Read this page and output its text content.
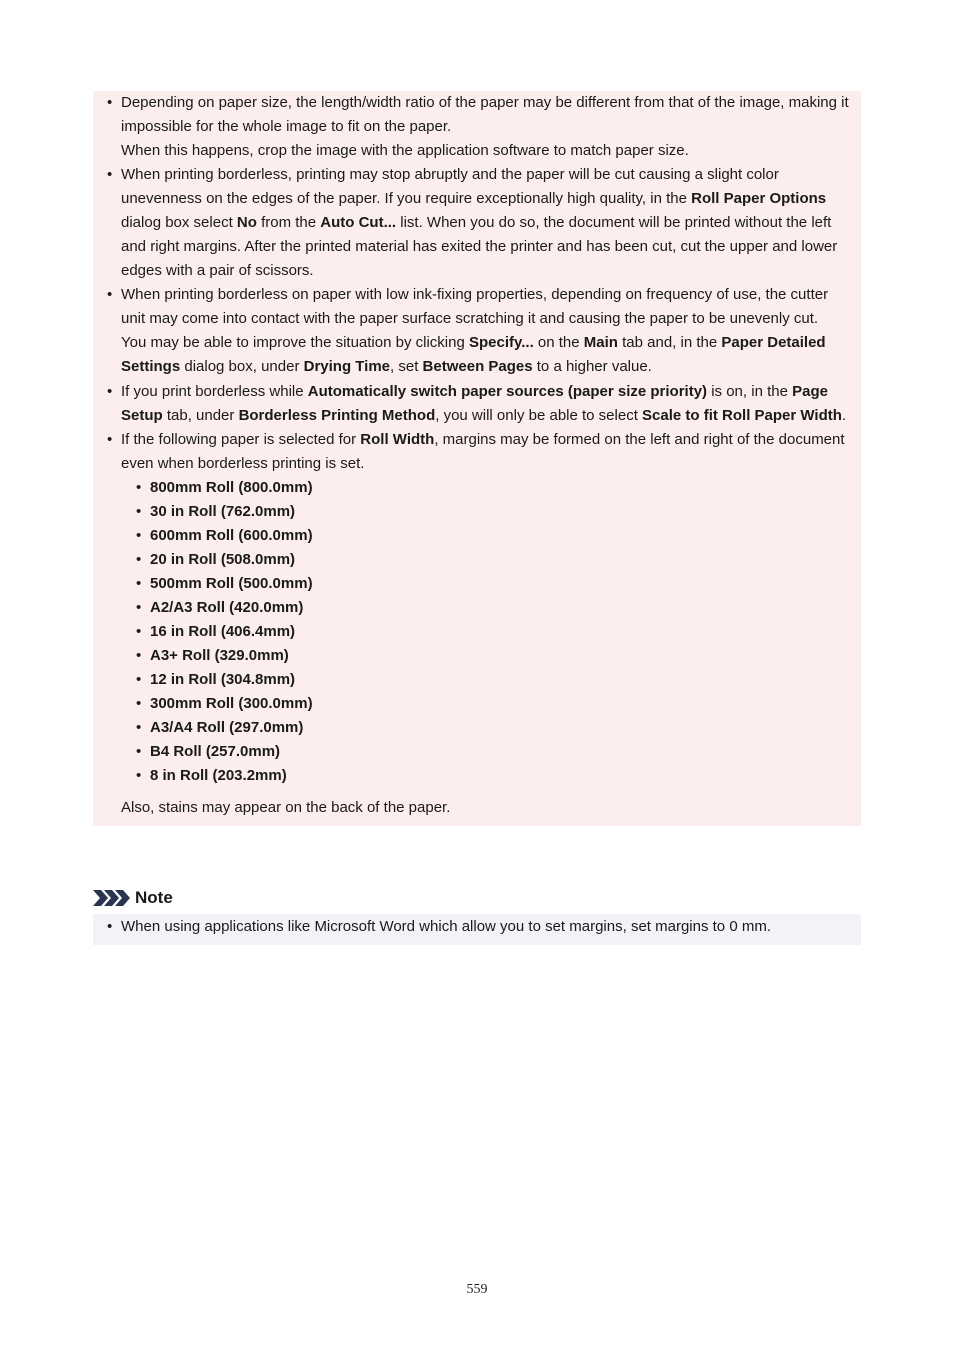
• Depending on paper size, the length/width ratio of the paper may be different from that of the image, making it impossible for the whole image to fit on the paper.
When this happens, crop the image with the application software to match paper size.
• When printing borderless, printing may stop abruptly and the paper will be cut causing a slight color unevenness on the edges of the paper. If you require exceptionally high quality, in the Roll Paper Options dialog box select No from the Auto Cut... list. When you do so, the document will be printed without the left and right margins. After the printed material has exited the printer and has been cut, cut the upper and lower edges with a pair of scissors.
• When printing borderless on paper with low ink-fixing properties, depending on frequency of use, the cutter unit may come into contact with the paper surface scratching it and causing the paper to be unevenly cut.
You may be able to improve the situation by clicking Specify... on the Main tab and, in the Paper Detailed Settings dialog box, under Drying Time, set Between Pages to a higher value.
• If you print borderless while Automatically switch paper sources (paper size priority) is on, in the Page Setup tab, under Borderless Printing Method, you will only be able to select Scale to fit Roll Paper Width.
• If the following paper is selected for Roll Width, margins may be formed on the left and right of the document even when borderless printing is set.
• 800mm Roll (800.0mm)
• 30 in Roll (762.0mm)
• 600mm Roll (600.0mm)
• 20 in Roll (508.0mm)
• 500mm Roll (500.0mm)
• A2/A3 Roll (420.0mm)
• 16 in Roll (406.4mm)
• A3+ Roll (329.0mm)
• 12 in Roll (304.8mm)
• 300mm Roll (300.0mm)
• A3/A4 Roll (297.0mm)
• B4 Roll (257.0mm)
• 8 in Roll (203.2mm)
Also, stains may appear on the back of the paper.
Note
• When using applications like Microsoft Word which allow you to set margins, set margins to 0 mm.
559
